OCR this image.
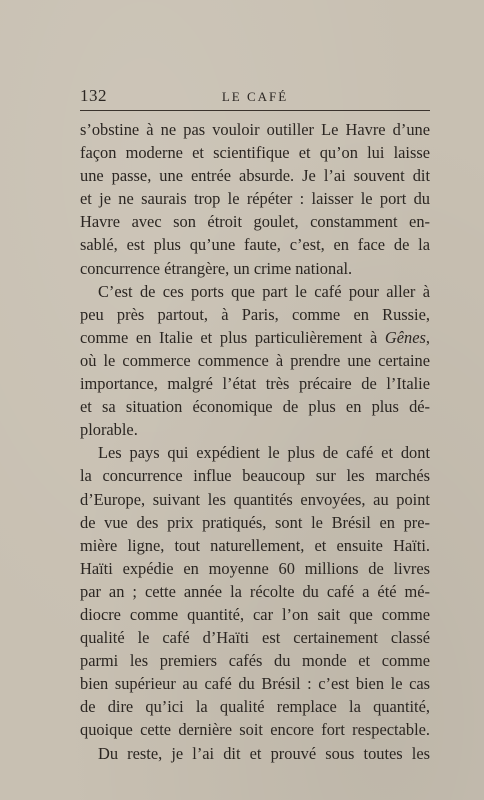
132	LE CAFÉ
s’obstine à ne pas vouloir outiller Le Havre d’une
façon moderne et scientifique et qu’on lui laisse
une passe, une entrée absurde. Je l’ai souvent dit
et je ne saurais trop le répéter : laisser le port du
Havre avec son étroit goulet, constamment en-
sablé, est plus qu’une faute, c’est, en face de la
concurrence étrangère, un crime national.
C’est de ces ports que part le café pour aller à
peu près partout, à Paris, comme en Russie,
comme en Italie et plus particulièrement à Gênes,
où le commerce commence à prendre une certaine
importance, malgré l’état très précaire de l’Italie
et sa situation économique de plus en plus dé-
plorable.
Les pays qui expédient le plus de café et dont
la concurrence influe beaucoup sur les marchés
d’Europe, suivant les quantités envoyées, au point
de vue des prix pratiqués, sont le Brésil en pre-
mière ligne, tout naturellement, et ensuite Haïti.
Haïti expédie en moyenne 60 millions de livres
par an ; cette année la récolte du café a été mé-
diocre comme quantité, car l’on sait que comme
qualité le café d’Haïti est certainement classé
parmi les premiers cafés du monde et comme
bien supérieur au café du Brésil : c’est bien le cas
de dire qu’ici la qualité remplace la quantité,
quoique cette dernière soit encore fort respectable.
Du reste, je l’ai dit et prouvé sous toutes les
